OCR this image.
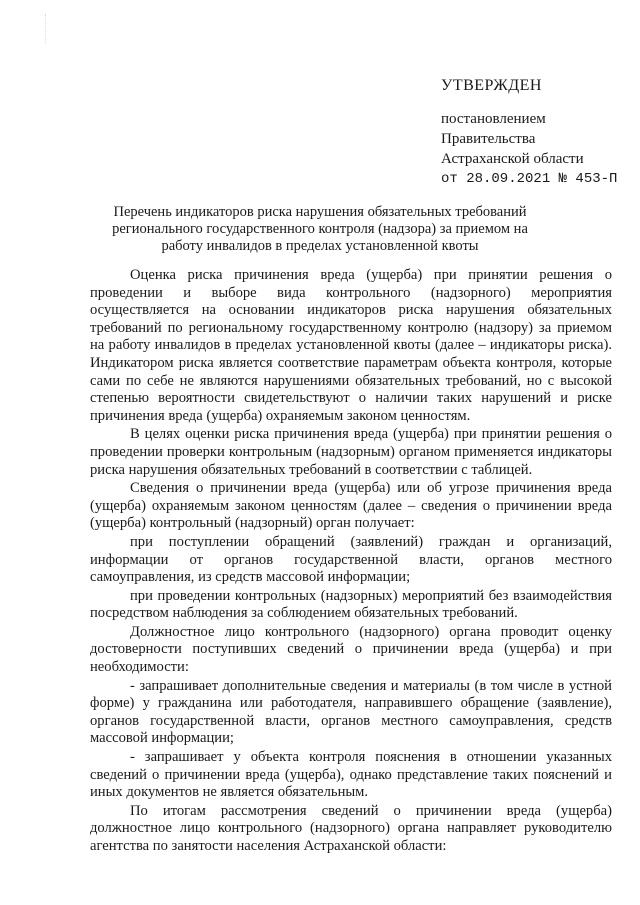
УТВЕРЖДЕН
постановлением
Правительства
Астраханской области
от 28.09.2021 № 453-П
Перечень индикаторов риска нарушения обязательных требований регионального государственного контроля (надзора) за приемом на работу инвалидов в пределах установленной квоты

Оценка риска причинения вреда (ущерба) при принятии решения о проведении и выборе вида контрольного (надзорного) мероприятия осуществляется на основании индикаторов риска нарушения обязательных требований по региональному государственному контролю (надзору) за приемом на работу инвалидов в пределах установленной квоты (далее – индикаторы риска). Индикатором риска является соответствие параметрам объекта контроля, которые сами по себе не являются нарушениями обязательных требований, но с высокой степенью вероятности свидетельствуют о наличии таких нарушений и риске причинения вреда (ущерба) охраняемым законом ценностям.

В целях оценки риска причинения вреда (ущерба) при принятии решения о проведении проверки контрольным (надзорным) органом применяется индикаторы риска нарушения обязательных требований в соответствии с таблицей.

Сведения о причинении вреда (ущерба) или об угрозе причинения вреда (ущерба) охраняемым законом ценностям (далее – сведения о причинении вреда (ущерба) контрольный (надзорный) орган получает:

при поступлении обращений (заявлений) граждан и организаций, информации от органов государственной власти, органов местного самоуправления, из средств массовой информации;

при проведении контрольных (надзорных) мероприятий без взаимодействия посредством наблюдения за соблюдением обязательных требований.

Должностное лицо контрольного (надзорного) органа проводит оценку достоверности поступивших сведений о причинении вреда (ущерба) и при необходимости:

- запрашивает дополнительные сведения и материалы (в том числе в устной форме) у гражданина или работодателя, направившего обращение (заявление), органов государственной власти, органов местного самоуправления, средств массовой информации;

- запрашивает у объекта контроля пояснения в отношении указанных сведений о причинении вреда (ущерба), однако представление таких пояснений и иных документов не является обязательным.

По итогам рассмотрения сведений о причинении вреда (ущерба) должностное лицо контрольного (надзорного) органа направляет руководителю агентства по занятости населения Астраханской области:
